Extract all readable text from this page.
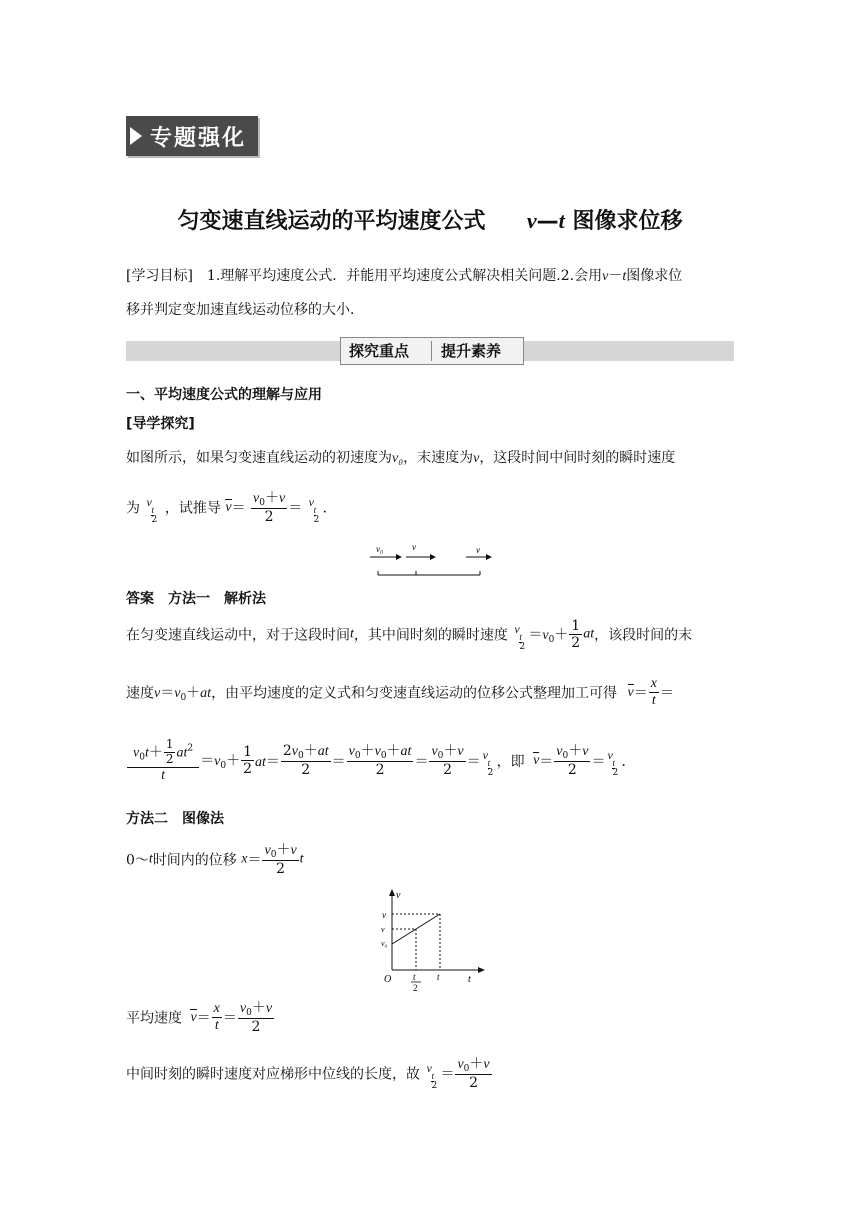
专题强化
匀变速直线运动的平均速度公式 v—t 图像求位移
[学习目标]　1.理解平均速度公式．并能用平均速度公式解决相关问题.2.会用v－t图像求位
移并判定变加速直线运动位移的大小．
探究重点 提升素养
一、平均速度公式的理解与应用
[导学探究]
如图所示，如果匀变速直线运动的初速度为v₀，末速度为v，这段时间中间时刻的瞬时速度
为 v
t
2
，试推导 $v= \frac{v_0+v}{2} = v$
t
2
．
v₀	v	v
答案 方法一　解析法
在匀变速直线运动中，对于这段时间t，其中间时刻的瞬时速度 v
t
2
$=v_0+ \frac{1}{2}$ at，该段时间的末
速度$v=v_0+at$，由平均速度的定义式和匀变速直线运动的位移公式整理加工可得 $v= \frac{x}{t}$ ＝
$\frac{v_0t+ \frac{1}{2} at^2}{t} =v_0+ \frac{1}{2} at= \frac{2v_0+at}{2} = \frac{v_0+v_0+at}{2} = \frac{v_0+v}{2} = v$
t
2
，即 $v= \frac{v_0+v}{2} = v$
t
2
．
方法二　图像法
0～t时间内的位移 $x= \frac{v_0+v}{2}$ t
v
t
O
v
v
v₀
t
2
t
平均速度 $v= \frac{x}{t} = \frac{v_0+v}{2}$
中间时刻的瞬时速度对应梯形中位线的长度，故 v
t
2
＝ $\frac{v_0+v}{2}$
